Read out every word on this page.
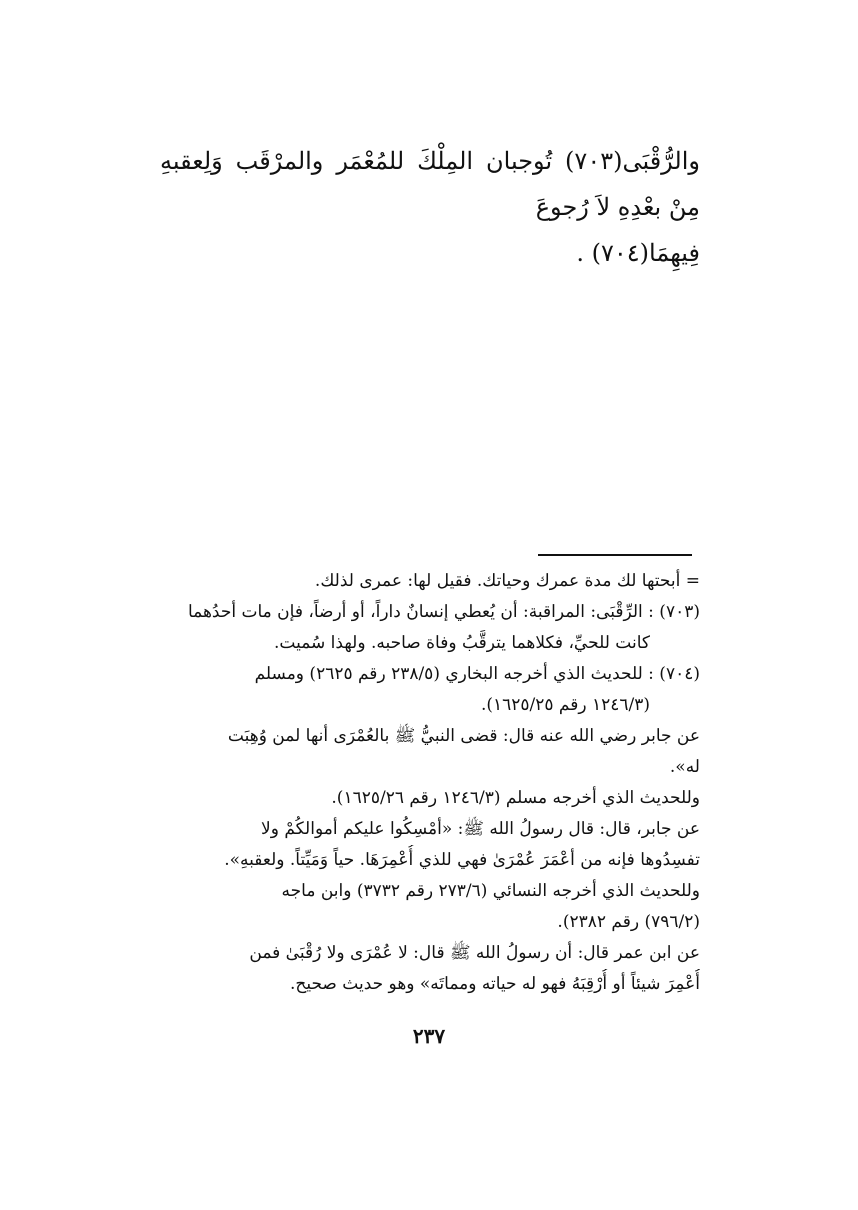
والرُّقْبَى(٧٠٣) تُوجبان المِلْكَ للمُعْمَر والمرْقَب وَلِعقبهِ مِنْ بعْدِهِ لاَ رُجوعَ

فِيهِمَا(٧٠٤) .

= أبحتها لك مدة عمرك وحياتك. فقيل لها: عمرى لذلك.

(٧٠٣) : الرِّقْبَى: المراقبة: أن يُعطي إنسانٌ داراً، أو أرضاً، فإن مات أحدُهما

كانت للحيِّ، فكلاهما يترقَّبُ وفاة صاحبه. ولهذا سُميت.

(٧٠٤) : للحديث الذي أخرجه البخاري (٢٣٨/٥ رقم ٢٦٢٥) ومسلم

(١٢٤٦/٣ رقم ١٦٢٥/٢٥).

عن جابر رضي الله عنه قال: قضى النبيُّ ﷺ بالعُمْرَى أنها لمن وُهِبَت

له».

وللحديث الذي أخرجه مسلم (١٢٤٦/٣ رقم ١٦٢٥/٢٦).

عن جابر، قال: قال رسولُ الله ﷺ: «أمْسِكُوا عليكم أموالكُمْ ولا

تفسِدُوها فإنه من أعْمَرَ عُمْرَىٰ فهي للذي أُعْمِرَهَا. حياً وَمَيِّتاً. ولعقبهِ».

وللحديث الذي أخرجه النسائي (٢٧٣/٦ رقم ٣٧٣٢) وابن ماجه

(٧٩٦/٢) رقم ٢٣٨٢).

عن ابن عمر قال: أن رسولُ الله ﷺ قال: لا عُمْرَى ولا رُقْبَىٰ فمن

أُعْمِرَ شيئاً أو أُرْقِبَهُ فهو له حياته ومماتَه» وهو حديث صحيح.

٢٣٧
